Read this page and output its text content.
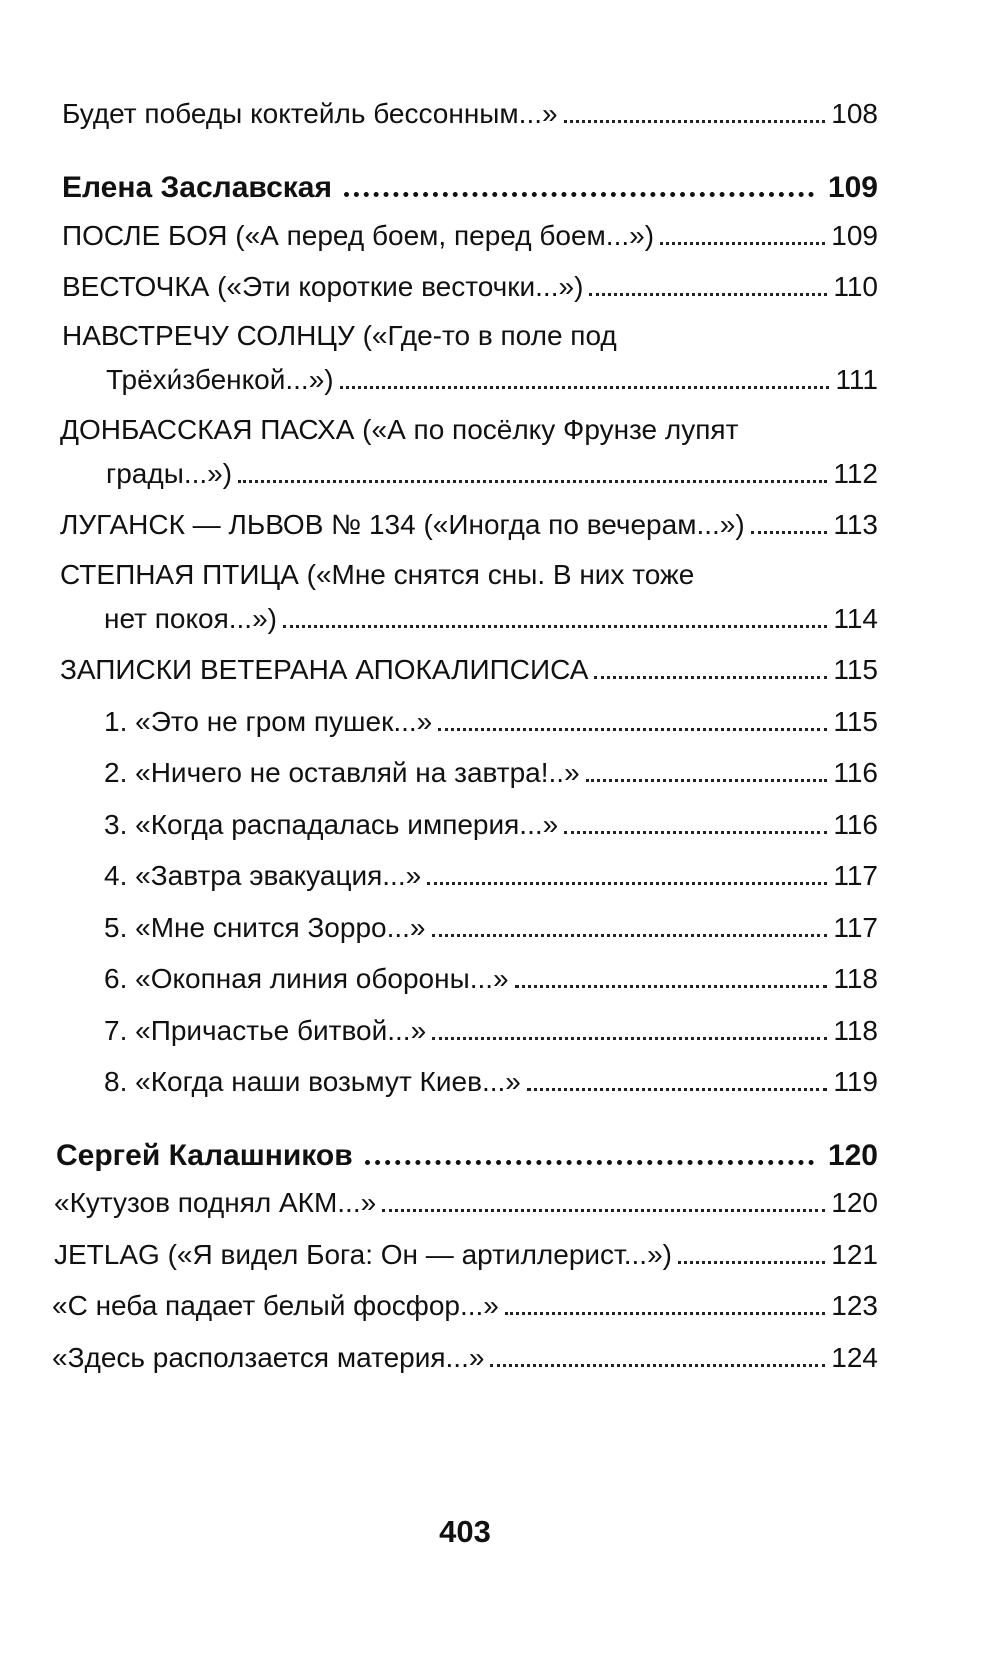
Будет победы коктейль бессонным...»	108
Елена Заславская	109
ПОСЛЕ БОЯ («А перед боем, перед боем...»)	109
ВЕСТОЧКА («Эти короткие весточки...»)	110
НАВСТРЕЧУ СОЛНЦУ («Где-то в поле под
Трёхи́збенкой...»)	111
ДОНБАССКАЯ ПАСХА («А по посёлку Фрунзе лупят
грады...»)	112
ЛУГАНСК — ЛЬВОВ № 134 («Иногда по вечерам...»)	113
СТЕПНАЯ ПТИЦА («Мне снятся сны. В них тоже
нет покоя...»)	114
ЗАПИСКИ ВЕТЕРАНА АПОКАЛИПСИСА	115
1. «Это не гром пушек...»	115
2. «Ничего не оставляй на завтра!..»	116
3. «Когда распадалась империя...»	116
4. «Завтра эвакуация...»	117
5. «Мне снится Зорро...»	117
6. «Окопная линия обороны...»	118
7. «Причастье битвой...»	118
8. «Когда наши возьмут Киев...»	119
Сергей Калашников	120
«Кутузов поднял АКМ...»	120
JETLAG («Я видел Бога: Он — артиллерист...»)	121
«С неба падает белый фосфор...»	123
«Здесь расползается материя...»	124
403
